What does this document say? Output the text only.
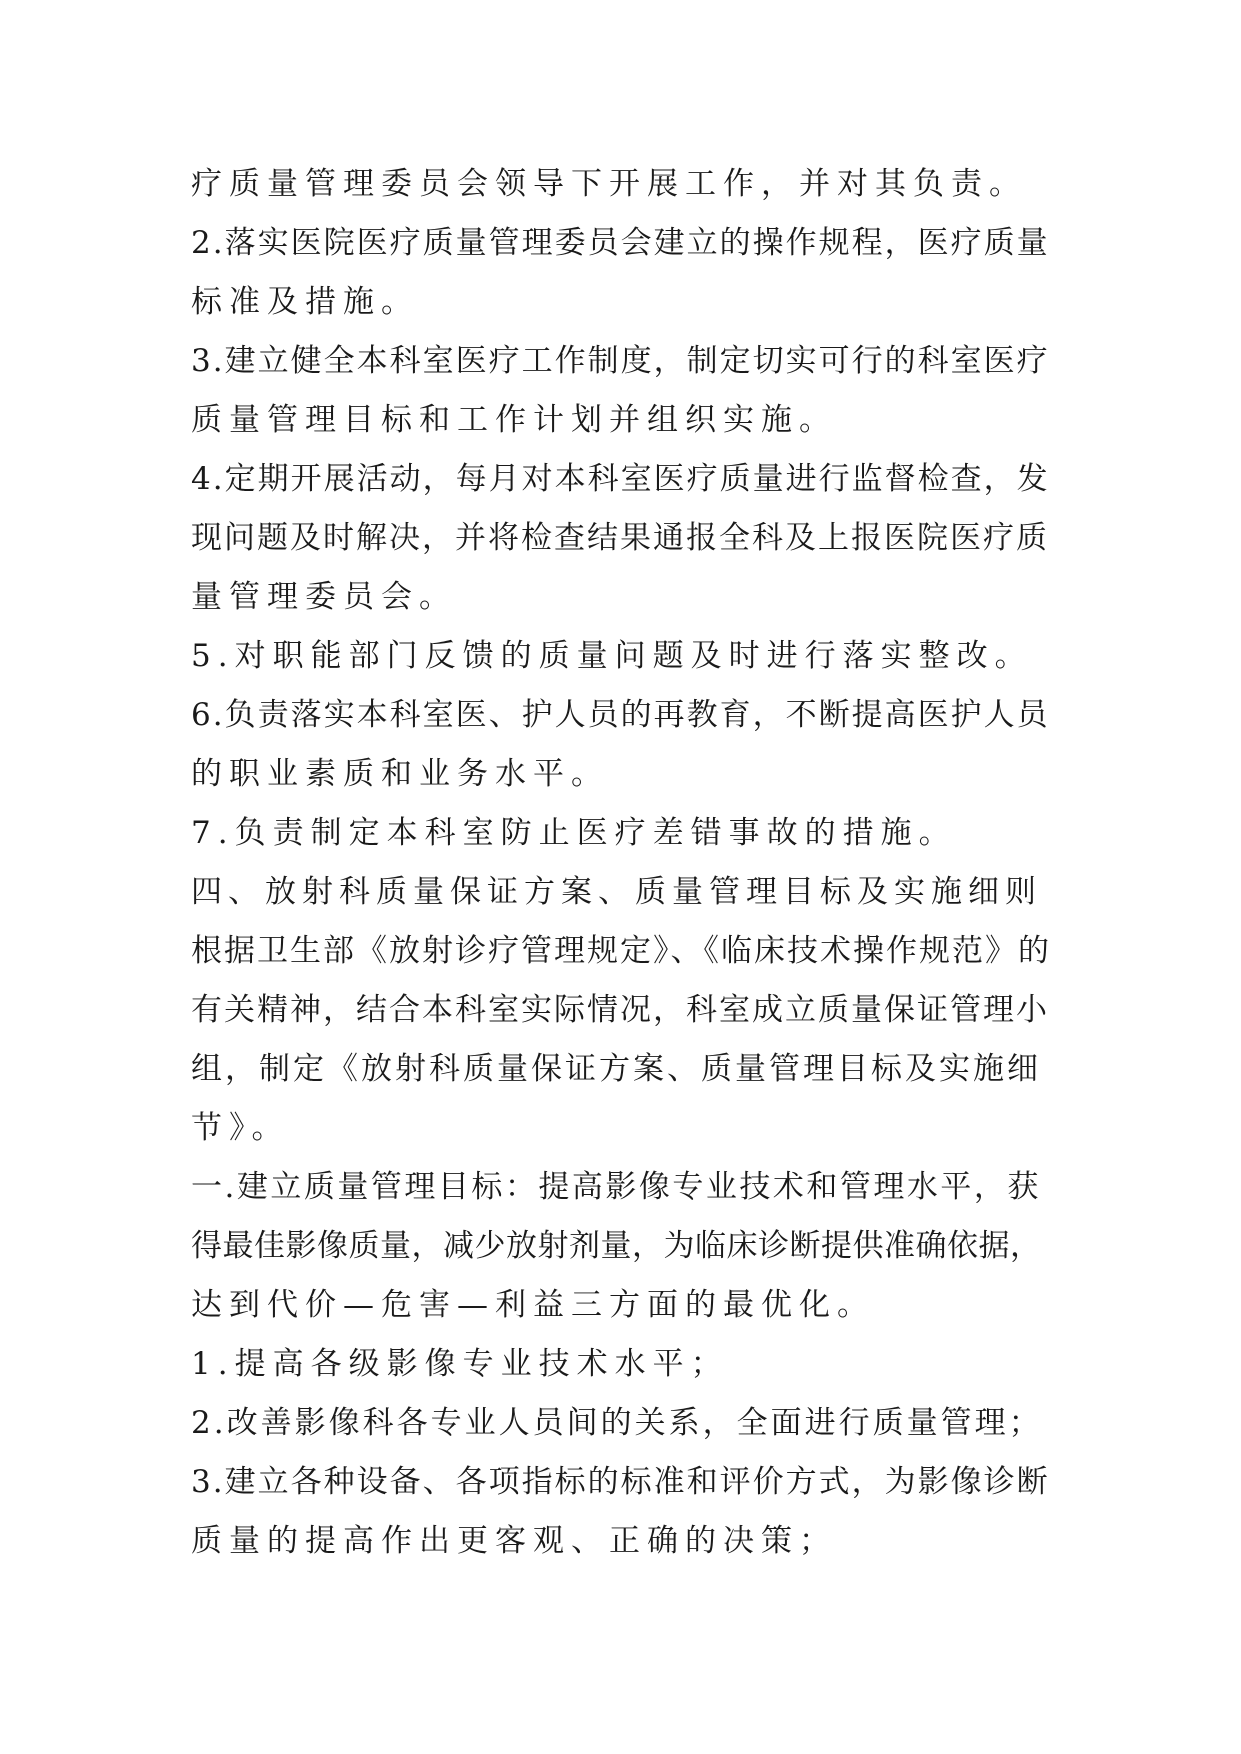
疗质量管理委员会领导下开展工作，并对其负责。
2.落实医院医疗质量管理委员会建立的操作规程，医疗质量
标准及措施。
3.建立健全本科室医疗工作制度，制定切实可行的科室医疗
质量管理目标和工作计划并组织实施。
4.定期开展活动，每月对本科室医疗质量进行监督检查，发
现问题及时解决，并将检查结果通报全科及上报医院医疗质
量管理委员会。
5.对职能部门反馈的质量问题及时进行落实整改。
6.负责落实本科室医、护人员的再教育，不断提高医护人员
的职业素质和业务水平。
7.负责制定本科室防止医疗差错事故的措施。
四、放射科质量保证方案、质量管理目标及实施细则
根据卫生部《放射诊疗管理规定》、《临床技术操作规范》的
有关精神，结合本科室实际情况，科室成立质量保证管理小
组，制定《放射科质量保证方案、质量管理目标及实施细
节》。
一.建立质量管理目标：提高影像专业技术和管理水平，获
得最佳影像质量，减少放射剂量，为临床诊断提供准确依据，
达到代价—危害—利益三方面的最优化。
1.提高各级影像专业技术水平；
2.改善影像科各专业人员间的关系，全面进行质量管理；
3.建立各种设备、各项指标的标准和评价方式，为影像诊断
质量的提高作出更客观、正确的决策；
